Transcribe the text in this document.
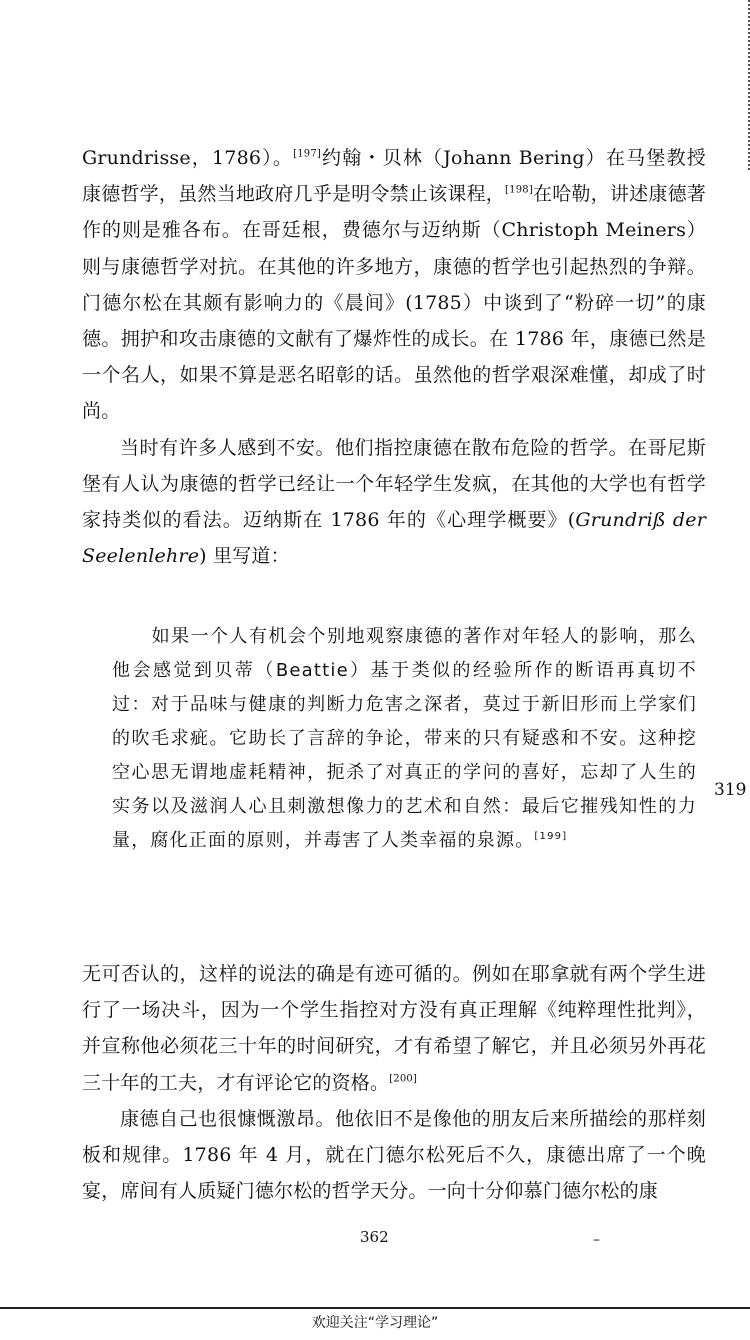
Grundrisse，1786）。[197]约翰・贝林（Johann Bering）在马堡教授康德哲学，虽然当地政府几乎是明令禁止该课程，[198]在哈勒，讲述康德著作的则是雅各布。在哥廷根，费德尔与迈纳斯（Christoph Meiners）则与康德哲学对抗。在其他的许多地方，康德的哲学也引起热烈的争辩。门德尔松在其颇有影响力的《晨间》(1785）中谈到了“粉碎一切”的康德。拥护和攻击康德的文献有了爆炸性的成长。在 1786 年，康德已然是一个名人，如果不算是恶名昭彰的话。虽然他的哲学艰深难懂，却成了时尚。

当时有许多人感到不安。他们指控康德在散布危险的哲学。在哥尼斯堡有人认为康德的哲学已经让一个年轻学生发疯，在其他的大学也有哲学家持类似的看法。迈纳斯在 1786 年的《心理学概要》(Grundriß der Seelenlehre) 里写道：

如果一个人有机会个别地观察康德的著作对年轻人的影响，那么他会感觉到贝蒂（Beattie）基于类似的经验所作的断语再真切不过：对于品味与健康的判断力危害之深者，莫过于新旧形而上学家们的吹毛求疵。它助长了言辞的争论，带来的只有疑惑和不安。这种挖空心思无谓地虚耗精神，扼杀了对真正的学问的喜好，忘却了人生的实务以及滋润人心且刺激想像力的艺术和自然：最后它摧残知性的力量，腐化正面的原则，并毒害了人类幸福的泉源。[199]
319

无可否认的，这样的说法的确是有迹可循的。例如在耶拿就有两个学生进行了一场决斗，因为一个学生指控对方没有真正理解《纯粹理性批判》，并宣称他必须花三十年的时间研究，才有希望了解它，并且必须另外再花三十年的工夫，才有评论它的资格。[200]

康德自己也很慷慨激昂。他依旧不是像他的朋友后来所描绘的那样刻板和规律。1786 年 4 月，就在门德尔松死后不久，康德出席了一个晚宴，席间有人质疑门德尔松的哲学天分。一向十分仰慕门德尔松的康

362	–
欢迎关注“学习理论”
